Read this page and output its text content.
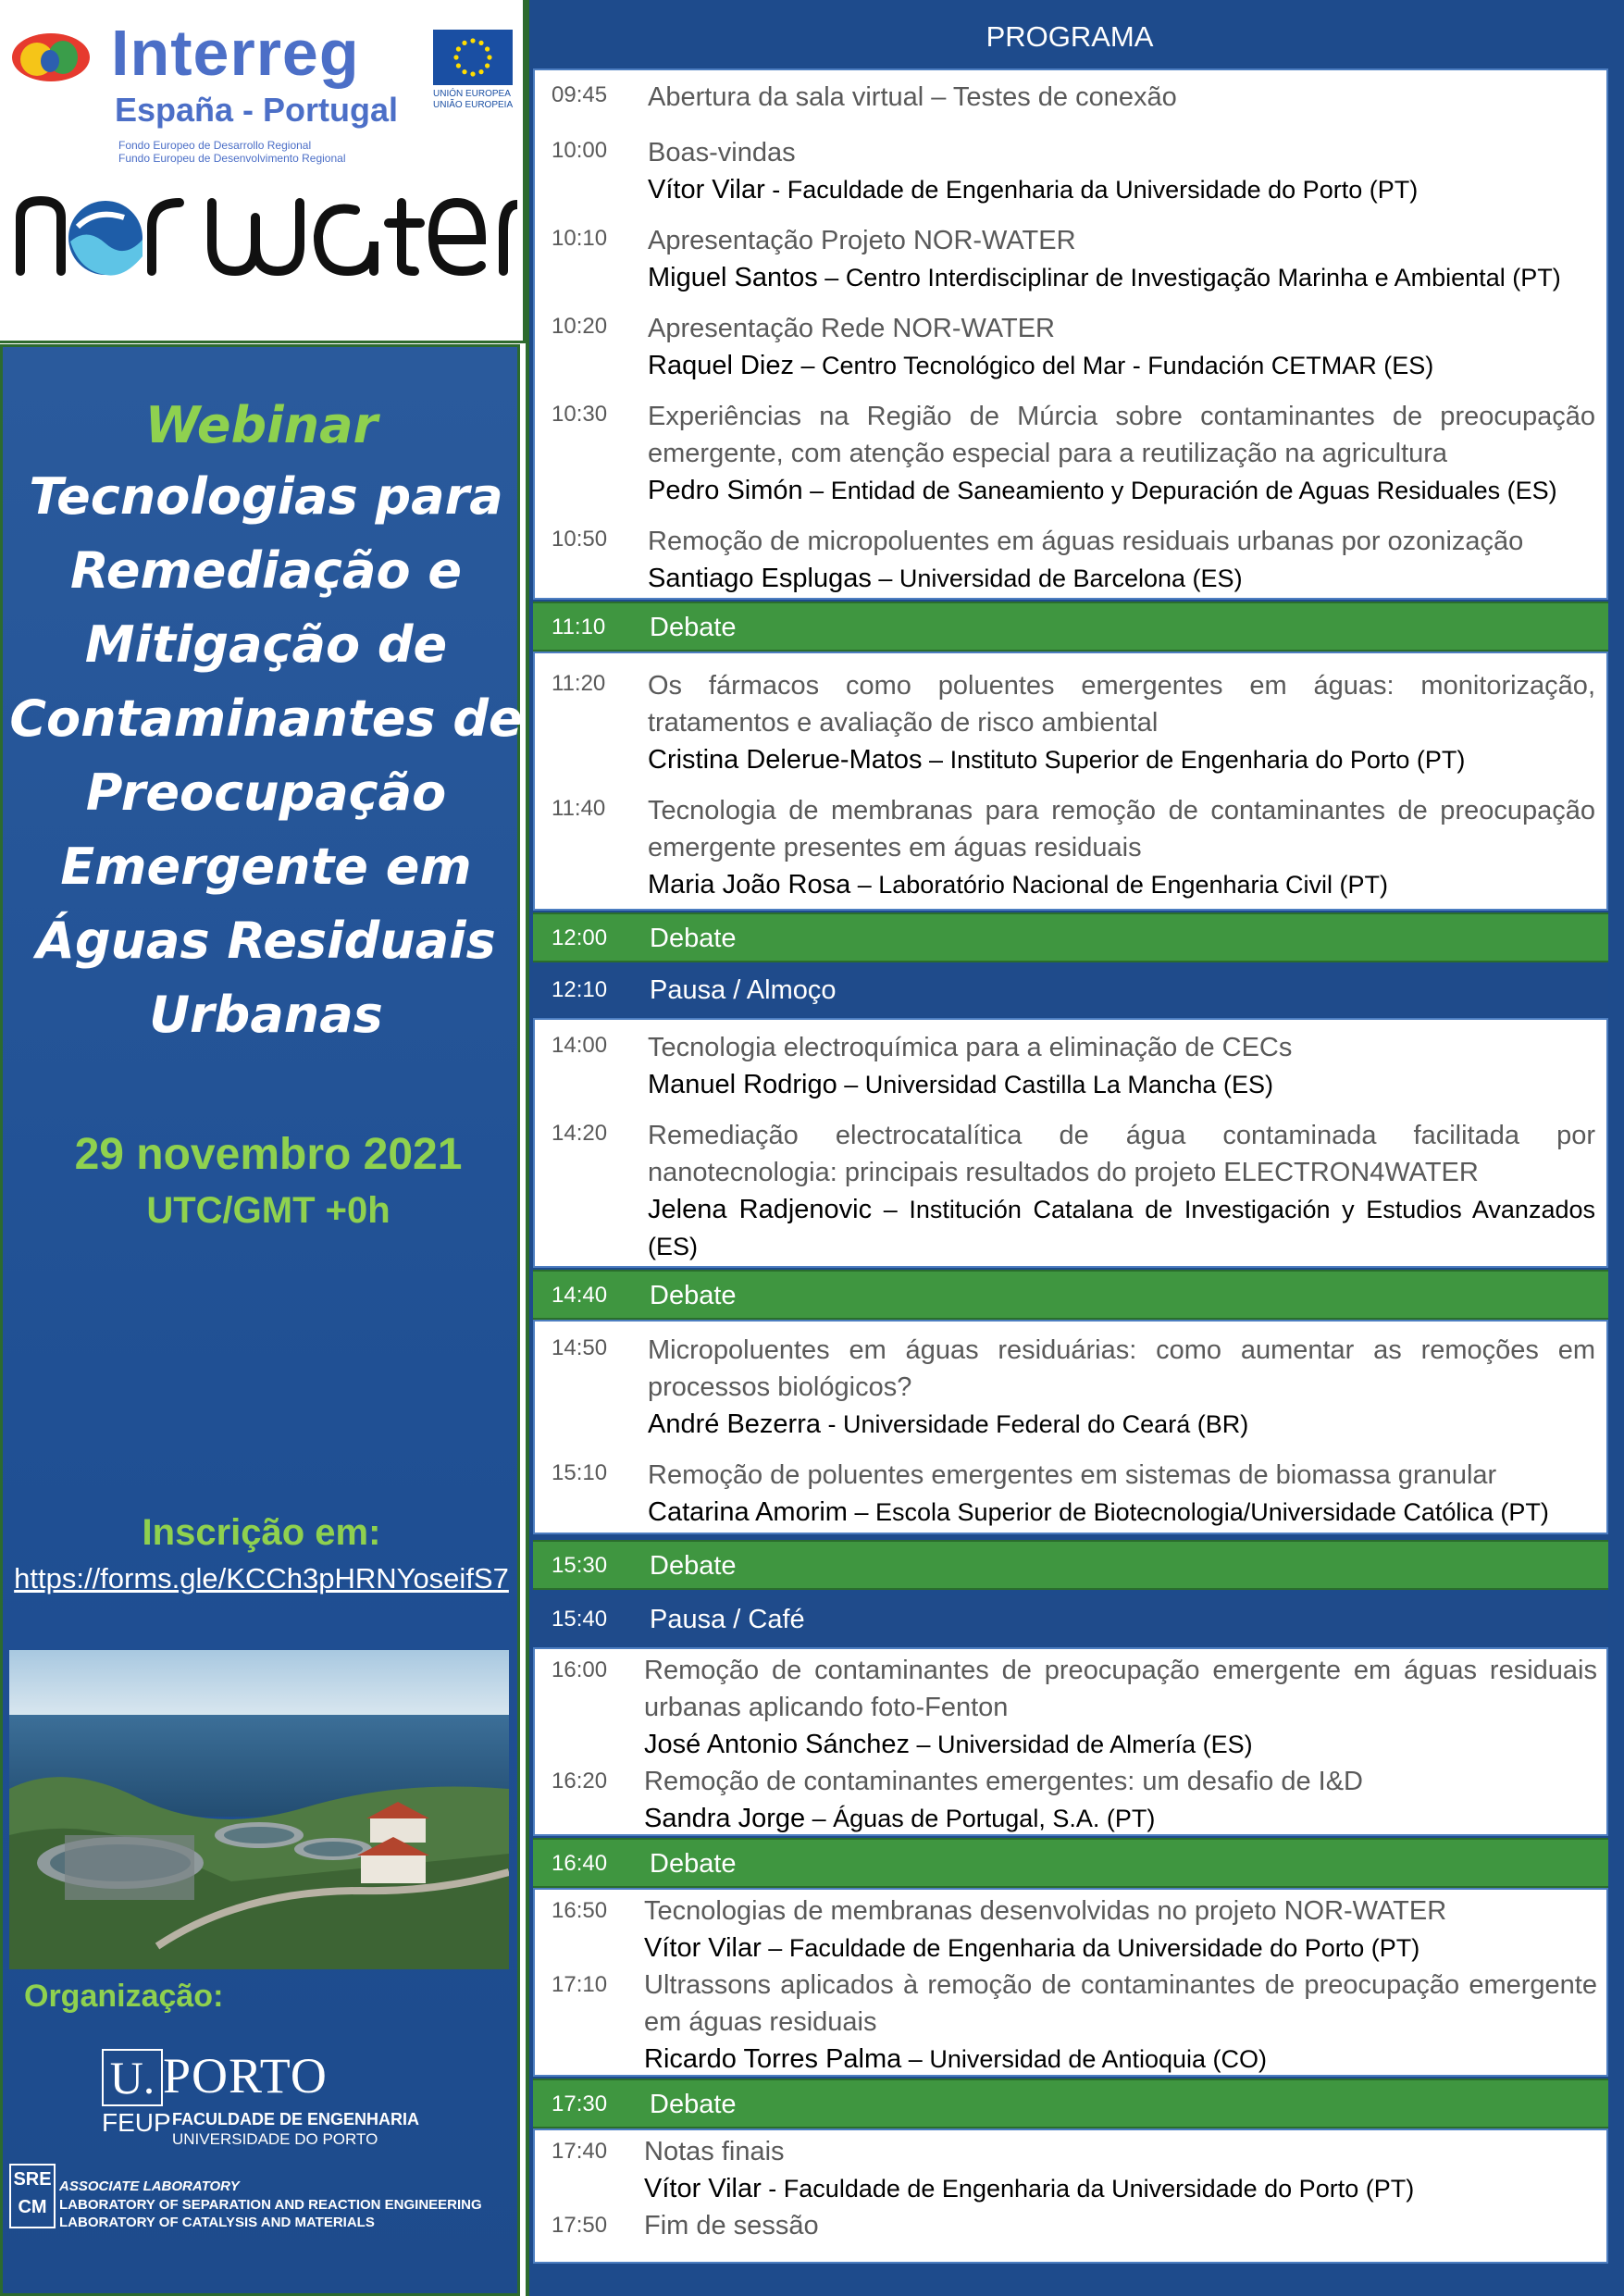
Interreg
España - Portugal
Fondo Europeo de Desarrollo Regional
Fundo Europeu de Desenvolvimento Regional
UNIÓN EUROPEA
UNIÃO EUROPEIA
Webinar
Tecnologias para
Remediação e
Mitigação de
Contaminantes de
Preocupação
Emergente em
Águas Residuais
Urbanas
29 novembro 2021
UTC/GMT +0h
Inscrição em:
https://forms.gle/KCCh3pHRNYoseifS7
Organização:
U. PORTO
FEUP FACULDADE DE ENGENHARIA
UNIVERSIDADE DO PORTO
SRE
CM
ASSOCIATE LABORATORY
LABORATORY OF SEPARATION AND REACTION ENGINEERING
LABORATORY OF CATALYSIS AND MATERIALS
PROGRAMA
09:45 Abertura da sala virtual – Testes de conexão
10:00 Boas-vindas
Vítor Vilar - Faculdade de Engenharia da Universidade do Porto (PT)
10:10 Apresentação Projeto NOR-WATER
Miguel Santos – Centro Interdisciplinar de Investigação Marinha e Ambiental (PT)
10:20 Apresentação Rede NOR-WATER
Raquel Diez – Centro Tecnológico del Mar - Fundación CETMAR (ES)
10:30 Experiências na Região de Múrcia sobre contaminantes de preocupação emergente, com atenção especial para a reutilização na agricultura
Pedro Simón – Entidad de Saneamiento y Depuración de Aguas Residuales (ES)
10:50 Remoção de micropoluentes em águas residuais urbanas por ozonização
Santiago Esplugas – Universidad de Barcelona (ES)
11:10 Debate
11:20 Os fármacos como poluentes emergentes em águas: monitorização, tratamentos e avaliação de risco ambiental
Cristina Delerue-Matos – Instituto Superior de Engenharia do Porto (PT)
11:40 Tecnologia de membranas para remoção de contaminantes de preocupação emergente presentes em águas residuais
Maria João Rosa – Laboratório Nacional de Engenharia Civil (PT)
12:00 Debate
12:10 Pausa / Almoço
14:00 Tecnologia electroquímica para a eliminação de CECs
Manuel Rodrigo – Universidad Castilla La Mancha (ES)
14:20 Remediação electrocatalítica de água contaminada facilitada por nanotecnologia: principais resultados do projeto ELECTRON4WATER
Jelena Radjenovic – Institución Catalana de Investigación y Estudios Avanzados (ES)
14:40 Debate
14:50 Micropoluentes em águas residuárias: como aumentar as remoções em processos biológicos?
André Bezerra - Universidade Federal do Ceará (BR)
15:10 Remoção de poluentes emergentes em sistemas de biomassa granular
Catarina Amorim – Escola Superior de Biotecnologia/Universidade Católica (PT)
15:30 Debate
15:40 Pausa / Café
16:00 Remoção de contaminantes de preocupação emergente em águas residuais urbanas aplicando foto-Fenton
José Antonio Sánchez – Universidad de Almería (ES)
16:20 Remoção de contaminantes emergentes: um desafio de I&D
Sandra Jorge – Águas de Portugal, S.A. (PT)
16:40 Debate
16:50 Tecnologias de membranas desenvolvidas no projeto NOR-WATER
Vítor Vilar – Faculdade de Engenharia da Universidade do Porto (PT)
17:10 Ultrassons aplicados à remoção de contaminantes de preocupação emergente em águas residuais
Ricardo Torres Palma – Universidad de Antioquia (CO)
17:30 Debate
17:40 Notas finais
Vítor Vilar - Faculdade de Engenharia da Universidade do Porto (PT)
17:50 Fim de sessão
